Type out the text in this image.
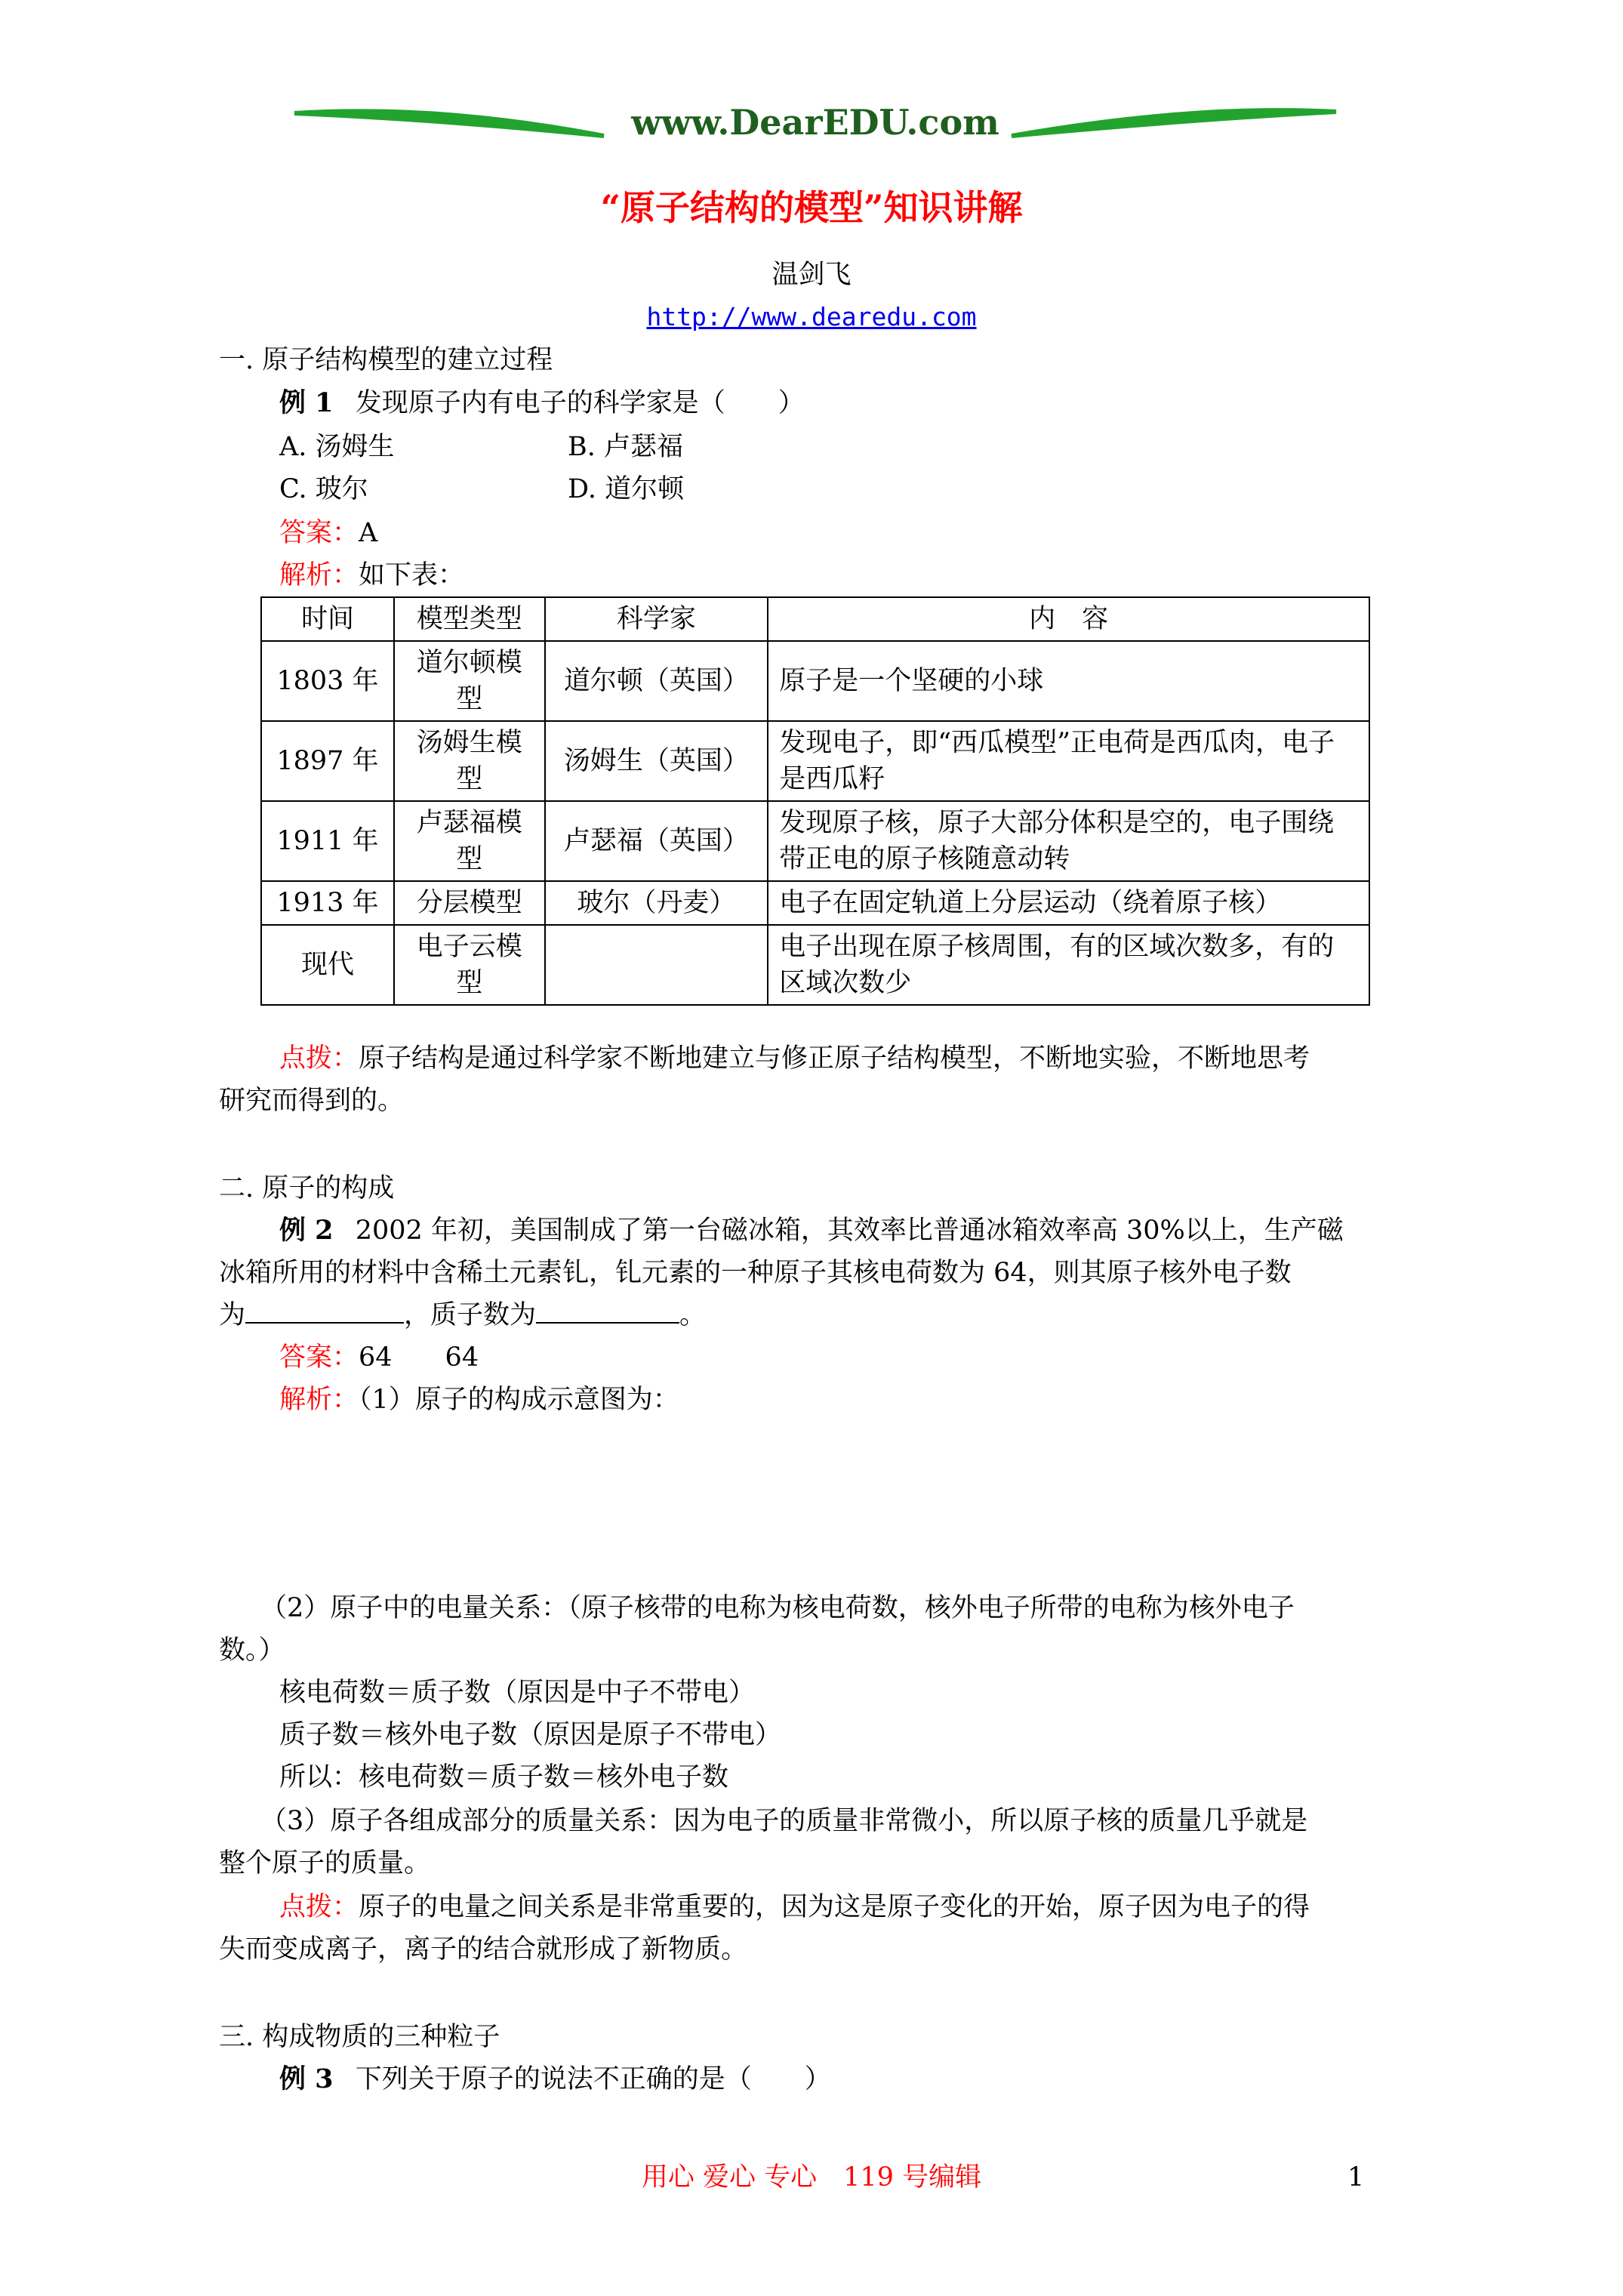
www.DearEDU.com
“原子结构的模型”知识讲解
温剑飞
http://www.dearedu.com
一. 原子结构模型的建立过程
例 1 发现原子内有电子的科学家是（　　）
A. 汤姆生	B. 卢瑟福
C. 玻尔	D. 道尔顿
答案：A
解析：如下表：
时间	模型类型	科学家	内　容
1803 年	道尔顿模型	道尔顿（英国）	原子是一个坚硬的小球
1897 年	汤姆生模型	汤姆生（英国）	发现电子，即“西瓜模型”正电荷是西瓜肉，电子是西瓜籽
1911 年	卢瑟福模型	卢瑟福（英国）	发现原子核，原子大部分体积是空的，电子围绕带正电的原子核随意动转
1913 年	分层模型	玻尔（丹麦）	电子在固定轨道上分层运动（绕着原子核）
现代	电子云模型		电子出现在原子核周围，有的区域次数多，有的区域次数少
点拨：原子结构是通过科学家不断地建立与修正原子结构模型，不断地实验，不断地思考
研究而得到的。
二. 原子的构成
例 2 2002 年初，美国制成了第一台磁冰箱，其效率比普通冰箱效率高 30%以上，生产磁
冰箱所用的材料中含稀土元素钆，钆元素的一种原子其核电荷数为 64，则其原子核外电子数
为	，质子数为	。
答案：64　　64
解析：（1）原子的构成示意图为：
（2）原子中的电量关系：（原子核带的电称为核电荷数，核外电子所带的电称为核外电子
数。）
核电荷数＝质子数（原因是中子不带电）
质子数＝核外电子数（原因是原子不带电）
所以：核电荷数＝质子数＝核外电子数
（3）原子各组成部分的质量关系：因为电子的质量非常微小，所以原子核的质量几乎就是
整个原子的质量。
点拨：原子的电量之间关系是非常重要的，因为这是原子变化的开始，原子因为电子的得
失而变成离子，离子的结合就形成了新物质。
三. 构成物质的三种粒子
例 3 下列关于原子的说法不正确的是（　　）
用心 爱心 专心　119 号编辑	1
